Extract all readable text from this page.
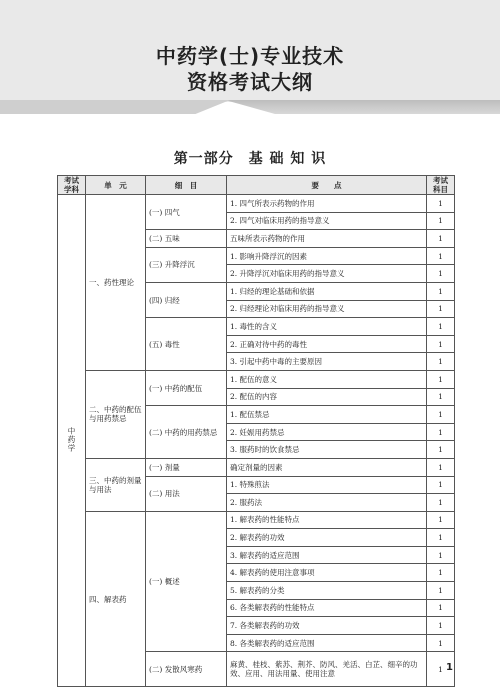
中药学(士)专业技术
资格考试大纲
第一部分　基 础 知 识
考试学科	单　元	细　目	要　　点	考试科目
中药学	一、药性理论	(一) 四气	1. 四气所表示药物的作用	1
			2. 四气对临床用药的指导意义	1
		(二) 五味	五味所表示药物的作用	1
		(三) 升降浮沉	1. 影响升降浮沉的因素	1
			2. 升降浮沉对临床用药的指导意义	1
		(四) 归经	1. 归经的理论基础和依据	1
			2. 归经理论对临床用药的指导意义	1
		(五) 毒性	1. 毒性的含义	1
			2. 正确对待中药的毒性	1
			3. 引起中药中毒的主要原因	1
	二、中药的配伍与用药禁忌	(一) 中药的配伍	1. 配伍的意义	1
			2. 配伍的内容	1
		(二) 中药的用药禁忌	1. 配伍禁忌	1
			2. 妊娠用药禁忌	1
			3. 服药时的饮食禁忌	1
	三、中药的剂量与用法	(一) 剂量	确定剂量的因素	1
		(二) 用法	1. 特殊煎法	1
			2. 服药法	1
	四、解表药	(一) 概述	1. 解表药的性能特点	1
			2. 解表药的功效	1
			3. 解表药的适应范围	1
			4. 解表药的使用注意事项	1
			5. 解表药的分类	1
			6. 各类解表药的性能特点	1
			7. 各类解表药的功效	1
			8. 各类解表药的适应范围	1
		(二) 发散风寒药	麻黄、桂枝、紫苏、荆芥、防风、羌活、白芷、细辛的功效、应用、用法用量、使用注意	1 1
